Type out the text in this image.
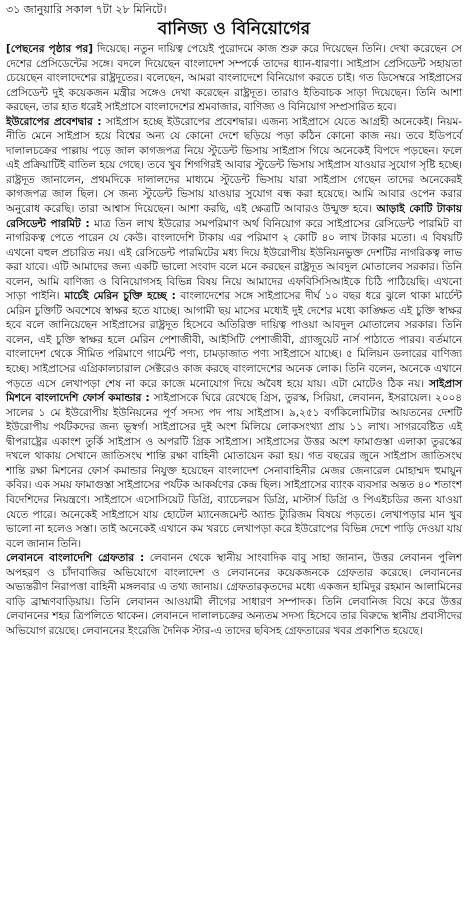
৩১ জানুয়ারি সকাল ৭টা ২৮ মিনিটে।
বানিজ্য ও বিনিয়োগের

[পেছনের পৃষ্ঠার পর] দিয়েছে। নতুন দায়িত্ব পেয়েই পুরোদমে কাজ শুরু করে দিয়েছেন তিনি। দেখা করেছেন সে দেশের প্রেসিডেন্টের সঙ্গে। বদলে দিয়েছেন বাংলাদেশ সম্পর্কে তাদের ধ্যান-ধারণা। সাইপ্রাস প্রেসিডেন্ট সহায়তা চেয়েছেন বাংলাদেশের রাষ্ট্রদূতের। বলেছেন, আমরা বাংলাদেশে বিনিয়োগ করতে চাই। গত ডিসেম্বরে সাইপ্রাসের প্রেসিডেন্ট দুই কয়েকজন মন্ত্রীর সঙ্গেও দেখা করেছেন রাষ্ট্রদূত। তারাও ইতিবাচক সাড়া দিয়েছেন। তিনি আশা করছেন, তার হাত ধরেই সাইপ্রাসে বাংলাদেশের শ্রমবাজার, বাণিজ্য ও বিনিয়োগ সম্প্রসারিত হবে।

ইউরোপের প্রবেশদ্বার : সাইপ্রাস হচ্ছে ইউরোপের প্রবেশদ্বার। এজন্য সাইপ্রাসে যেতে আগ্রহী অনেকেই। নিয়ম-নীতি মেনে সাইপ্রাস হয়ে বিশ্বের অন্য যে কোনো দেশে ছড়িয়ে পড়া কঠিন কোনো কাজ নয়। তবে ইডিপর্বে দালালচক্রের পাল্লায় পড়ে জাল কাগজপত্র নিয়ে স্টুডেন্ট ভিসায় সাইপ্রাস গিয়ে অনেকেই বিপদে পড়ছেন। ফলে এই প্রক্রিয়াটিই বাতিল হয়ে গেছে। তবে খুব শিগগিরই আবার স্টুডেন্ট ভিসায় সাইপ্রাস যাওয়ার সুযোগ সৃষ্টি হচ্ছে। রাষ্ট্রদূত জানালেন, প্রথমদিকে দালালদের মাধ্যমে স্টুডেন্ট ভিসায় যারা সাইপ্রাস গেছেন তাদের অনেকেরই কাগজপত্র জাল ছিল। সে জন্য স্টুডেন্ট ভিসায় যাওয়ার সুযোগ বন্ধ করা হয়েছে। আমি আবার ওপেন করার অনুরোধ করেছি। তারা আশ্বাস দিয়েছেন। আশা করছি, এই ক্ষেত্রটি আবারও উন্মুক্ত হবে। আড়াই কোটি টাকায় রেসিডেন্ট পারমিট : মাত্র তিন লাখ ইউরোর সমপরিমাণ অর্থ বিনিয়োগ করে সাইপ্রাসের রেসিডেন্ট পারমিট বা নাগরিকত্ব পেতে পারেন যে কেউ। বাংলাদেশি টাকায় এর পরিমাণ ২ কোটি ৪০ লাখ টাকার মতো। এ বিষয়টি এখনো বহুল প্রচারিত নয়। এই রেসিডেন্ট পারমিটের মধ্য দিয়ে ইউরোপীয় ইউনিয়নভুক্ত দেশটির নাগরিকত্ব লাভ করা যাবে। এটি আমাদের জন্য একটি ভালো সংবাদ বলে মনে করছেন রাষ্ট্রদূত আবদুল মোতালেব সরকার। তিনি বলেন, আমি বাণিজ্য ও বিনিয়োগসহ বিভিন্ন বিষয় নিয়ে আমাদের এফবিসিসিআইকে চিঠি পাঠিয়েছি। এখনো সাড়া পাইনি। মার্চেই মেরিন চুক্তি হচ্ছে : বাংলাদেশের সঙ্গে সাইপ্রাসের দীর্ঘ ১০ বছর ধরে ঝুলে থাকা মার্চেন্ট মেরিন চুক্তিটি অবশেষে স্বাক্ষর হতে যাচ্ছে। আগামী ছয় মাসের মধ্যেই দুই দেশের মধ্যে কাঙ্ক্ষিত এই চুক্তি স্বাক্ষর হবে বলে জানিয়েছেন সাইপ্রাসের রাষ্ট্রদূত হিসেবে অতিরিক্ত দায়িত্ব পাওয়া আবদুল মোতালেব সরকার। তিনি বলেন, এই চুক্তি স্বাক্ষর হলে মেরিন পেশাজীবী, আইসিটি পেশাজীবী, গ্র্যাজুয়েট নার্স পাঠাতে পারব। বর্তমানে বাংলাদেশ থেকে সীমিত পরিমাণে গার্মেন্ট পণ্য, চামড়াজাত পণ্য সাইপ্রাসে যাচ্ছে। ৫ মিলিয়ন ডলারের বাণিজ্য হচ্ছে। সাইপ্রাসের এগ্রিকালচারাল সেক্টরেও কাজ করছে বাংলাদেশের অনেক লোক। তিনি বলেন, অনেকে এখানে পড়তে এসে লেখাপড়া শেষ না করে কাজে মনোযোগ দিয়ে অবৈধ হয়ে যায়। এটা মোটেও ঠিক নয়। সাইপ্রাস মিশনে বাংলাদেশি ফোর্স কমান্ডার : সাইপ্রাসকে ঘিরে রেখেছে গ্রিস, তুরস্ক, সিরিয়া, লেবানন, ইসরায়েল। ২০০৪ সালের ১ মে ইউরোপীয় ইউনিয়নের পূর্ণ সদস্য পদ পায় সাইপ্রাস। ৯,২৫১ বর্গকিলোমিটার আয়তনের দেশটি ইউরোপীয় পর্যটকদের জন্য ভূস্বর্গ। সাইপ্রাসের দুই অংশ মিলিয়ে লোকসংখ্যা প্রায় ১১ লাখ। সাগরবেষ্টিত এই দ্বীপরাষ্ট্রের একাংশ তুর্কি সাইপ্রাস ও অপরটি গ্রিক সাইপ্রাস। সাইপ্রাসের উত্তর অংশ ফামাগুস্তা এলাকা তুরস্কের দখলে থাকায় সেখানে জাতিসংঘ শান্তি রক্ষা বাহিনী মোতায়েন করা হয়। গত বছরের জুনে সাইপ্রাস জাতিসংঘ শান্তি রক্ষা মিশনের ফোর্স কমান্ডার নিযুক্ত হয়েছেন বাংলাদেশ সেনাবাহিনীর মেজর জেনারেল মোহাম্মদ হুমায়ুন কবির। এক সময় ফামাগুস্তা সাইপ্রাসের পর্যটক আকর্ষণের কেন্দ্র ছিল। সাইপ্রাসের ব্যাংক ব্যবসার অন্তত ৪০ শতাংশ বিদেশিদের নিয়ন্ত্রণে। সাইপ্রাসে এসোসিয়েট ডিগ্রি, ব্যাচেলরস ডিগ্রি, মাস্টার্স ডিগ্রি ও পিএইচডির জন্য যাওয়া যেতে পারে। অনেকেই সাইপ্রাসে যায় হোটেল ম্যানেজমেন্ট অ্যান্ড ট্যুরিজম বিষয়ে পড়তে। লেখাপড়ার মান খুব ভালো না হলেও সস্তা। তাই অনেকেই এখানে কম খরচে লেখাপড়া করে ইউরোপের বিভিন্ন দেশে পাড়ি দেওয়া যায় বলে জানান তিনি।

লেবাননে বাংলাদেশি গ্রেফতার : লেবানন থেকে স্থানীয় সাংবাদিক বাবু সাহা জানান, উত্তর লেবানন পুলিশ অপহরণ ও চাঁদাবাজির অভিযোগে বাংলাদেশ ও লেবাননের কয়েকজনকে গ্রেফতার করেছে। লেবাননের অভ্যন্তরীণ নিরাপত্তা বাহিনী মঙ্গলবার এ তথ্য জানায়। গ্রেফতারকৃতদের মধ্যে একজন হামিদুর রহমান আলামিনের বাড়ি ব্রাহ্মণবাড়িয়ায়। তিনি লেবানন আওয়ামী লীগের সাধারণ সম্পাদক। তিনি লেবানিজ বিয়ে করে উত্তর লেবাননের শহর ত্রিপলিতে থাকেন। লেবাননে দালালচক্রের অন্যতম সদস্য হিসেবে তার বিরুদ্ধে স্থানীয় প্রবাসীদের অভিযোগ রয়েছে। লেবাননের ইংরেজি দৈনিক স্টার-এ তাদের ছবিসহ গ্রেফতারের খবর প্রকাশিত হয়েছে।
